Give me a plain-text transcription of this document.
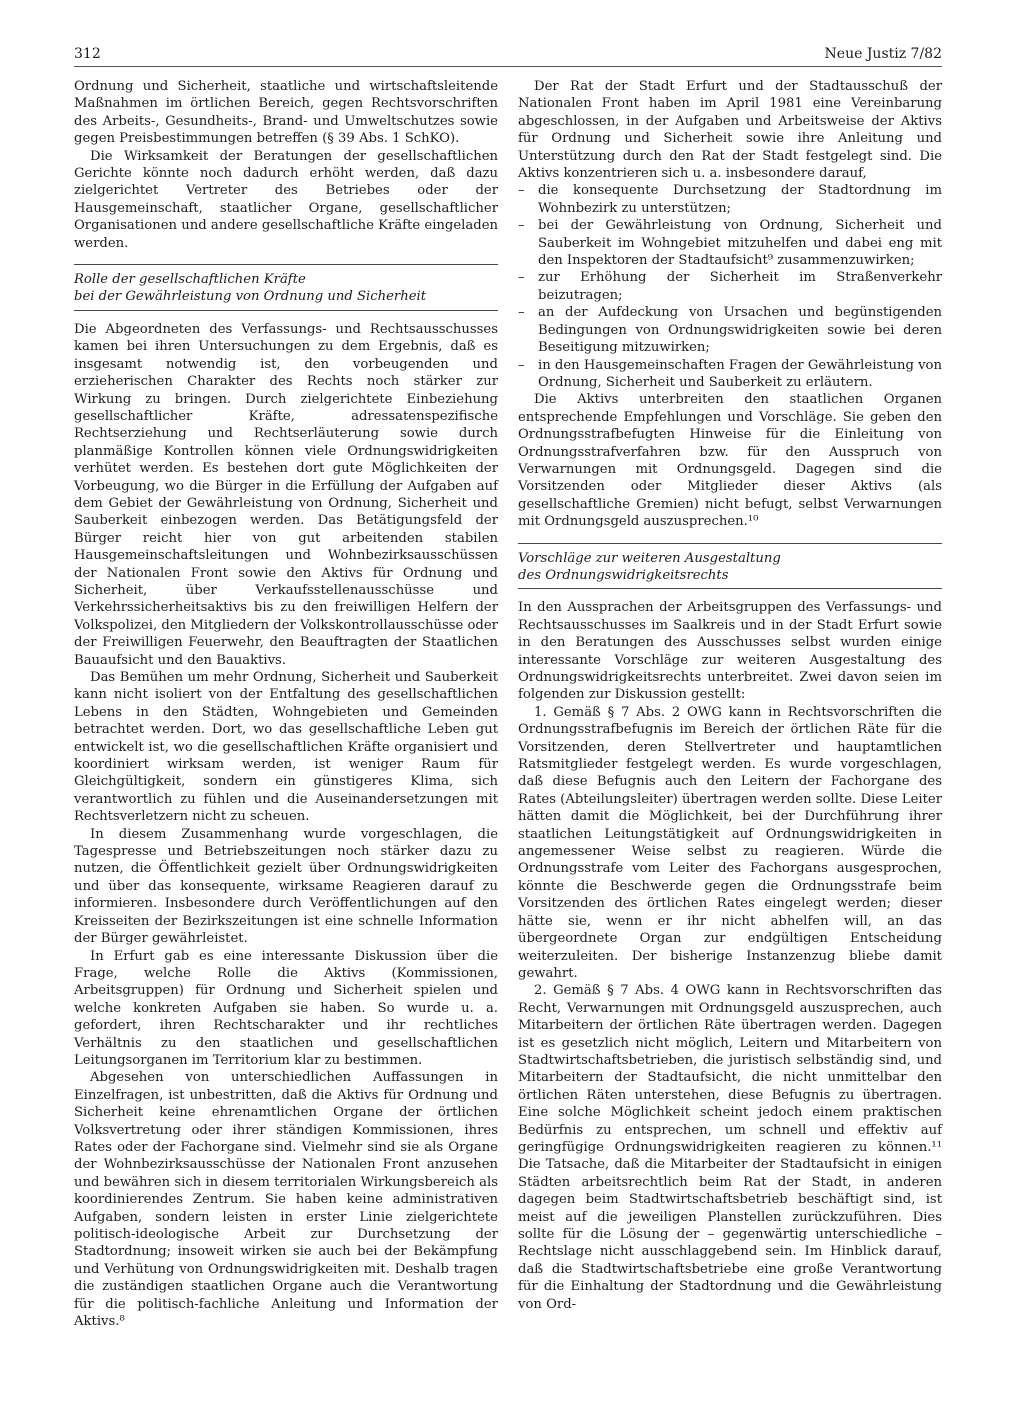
312	Neue Justiz 7/82

Ordnung und Sicherheit, staatliche und wirtschaftsleitende Maßnahmen im örtlichen Bereich, gegen Rechtsvorschriften des Arbeits-, Gesundheits-, Brand- und Umweltschutzes sowie gegen Preisbestimmungen betreffen (§ 39 Abs. 1 SchKO).

Die Wirksamkeit der Beratungen der gesellschaftlichen Gerichte könnte noch dadurch erhöht werden, daß dazu zielgerichtet Vertreter des Betriebes oder der Hausgemeinschaft, staatlicher Organe, gesellschaftlicher Organisationen und andere gesellschaftliche Kräfte eingeladen werden.

Rolle der gesellschaftlichen Kräfte
bei der Gewährleistung von Ordnung und Sicherheit

Die Abgeordneten des Verfassungs- und Rechtsausschusses kamen bei ihren Untersuchungen zu dem Ergebnis, daß es insgesamt notwendig ist, den vorbeugenden und erzieherischen Charakter des Rechts noch stärker zur Wirkung zu bringen. Durch zielgerichtete Einbeziehung gesellschaftlicher Kräfte, adressatenspezifische Rechtserziehung und Rechtserläuterung sowie durch planmäßige Kontrollen können viele Ordnungswidrigkeiten verhütet werden. Es bestehen dort gute Möglichkeiten der Vorbeugung, wo die Bürger in die Erfüllung der Aufgaben auf dem Gebiet der Gewährleistung von Ordnung, Sicherheit und Sauberkeit einbezogen werden. Das Betätigungsfeld der Bürger reicht hier von gut arbeitenden stabilen Hausgemeinschaftsleitungen und Wohnbezirksausschüssen der Nationalen Front sowie den Aktivs für Ordnung und Sicherheit, über Verkaufsstellenausschüsse und Verkehrssicherheitsaktivs bis zu den freiwilligen Helfern der Volkspolizei, den Mitgliedern der Volkskontrollausschüsse oder der Freiwilligen Feuerwehr, den Beauftragten der Staatlichen Bauaufsicht und den Bauaktivs.

Das Bemühen um mehr Ordnung, Sicherheit und Sauberkeit kann nicht isoliert von der Entfaltung des gesellschaftlichen Lebens in den Städten, Wohngebieten und Gemeinden betrachtet werden. Dort, wo das gesellschaftliche Leben gut entwickelt ist, wo die gesellschaftlichen Kräfte organisiert und koordiniert wirksam werden, ist weniger Raum für Gleichgültigkeit, sondern ein günstigeres Klima, sich verantwortlich zu fühlen und die Auseinandersetzungen mit Rechtsverletzern nicht zu scheuen.

In diesem Zusammenhang wurde vorgeschlagen, die Tagespresse und Betriebszeitungen noch stärker dazu zu nutzen, die Öffentlichkeit gezielt über Ordnungswidrigkeiten und über das konsequente, wirksame Reagieren darauf zu informieren. Insbesondere durch Veröffentlichungen auf den Kreisseiten der Bezirkszeitungen ist eine schnelle Information der Bürger gewährleistet.

In Erfurt gab es eine interessante Diskussion über die Frage, welche Rolle die Aktivs (Kommissionen, Arbeitsgruppen) für Ordnung und Sicherheit spielen und welche konkreten Aufgaben sie haben. So wurde u. a. gefordert, ihren Rechtscharakter und ihr rechtliches Verhältnis zu den staatlichen und gesellschaftlichen Leitungsorganen im Territorium klar zu bestimmen.

Abgesehen von unterschiedlichen Auffassungen in Einzelfragen, ist unbestritten, daß die Aktivs für Ordnung und Sicherheit keine ehrenamtlichen Organe der örtlichen Volksvertretung oder ihrer ständigen Kommissionen, ihres Rates oder der Fachorgane sind. Vielmehr sind sie als Organe der Wohnbezirksausschüsse der Nationalen Front anzusehen und bewähren sich in diesem territorialen Wirkungsbereich als koordinierendes Zentrum. Sie haben keine administrativen Aufgaben, sondern leisten in erster Linie zielgerichtete politisch-ideologische Arbeit zur Durchsetzung der Stadtordnung; insoweit wirken sie auch bei der Bekämpfung und Verhütung von Ordnungswidrigkeiten mit. Deshalb tragen die zuständigen staatlichen Organe auch die Verantwortung für die politisch-fachliche Anleitung und Information der Aktivs.⁸

Der Rat der Stadt Erfurt und der Stadtausschuß der Nationalen Front haben im April 1981 eine Vereinbarung abgeschlossen, in der Aufgaben und Arbeitsweise der Aktivs für Ordnung und Sicherheit sowie ihre Anleitung und Unterstützung durch den Rat der Stadt festgelegt sind. Die Aktivs konzentrieren sich u. a. insbesondere darauf,

– die konsequente Durchsetzung der Stadtordnung im Wohnbezirk zu unterstützen;
– bei der Gewährleistung von Ordnung, Sicherheit und Sauberkeit im Wohngebiet mitzuhelfen und dabei eng mit den Inspektoren der Stadtaufsicht⁹ zusammenzuwirken;
– zur Erhöhung der Sicherheit im Straßenverkehr beizutragen;
– an der Aufdeckung von Ursachen und begünstigenden Bedingungen von Ordnungswidrigkeiten sowie bei deren Beseitigung mitzuwirken;
– in den Hausgemeinschaften Fragen der Gewährleistung von Ordnung, Sicherheit und Sauberkeit zu erläutern.

Die Aktivs unterbreiten den staatlichen Organen entsprechende Empfehlungen und Vorschläge. Sie geben den Ordnungsstrafbefugten Hinweise für die Einleitung von Ordnungsstrafverfahren bzw. für den Ausspruch von Verwarnungen mit Ordnungsgeld. Dagegen sind die Vorsitzenden oder Mitglieder dieser Aktivs (als gesellschaftliche Gremien) nicht befugt, selbst Verwarnungen mit Ordnungsgeld auszusprechen.¹⁰

Vorschläge zur weiteren Ausgestaltung
des Ordnungswidrigkeitsrechts

In den Aussprachen der Arbeitsgruppen des Verfassungs- und Rechtsausschusses im Saalkreis und in der Stadt Erfurt sowie in den Beratungen des Ausschusses selbst wurden einige interessante Vorschläge zur weiteren Ausgestaltung des Ordnungswidrigkeitsrechts unterbreitet. Zwei davon seien im folgenden zur Diskussion gestellt:

1. Gemäß § 7 Abs. 2 OWG kann in Rechtsvorschriften die Ordnungsstrafbefugnis im Bereich der örtlichen Räte für die Vorsitzenden, deren Stellvertreter und hauptamtlichen Ratsmitglieder festgelegt werden. Es wurde vorgeschlagen, daß diese Befugnis auch den Leitern der Fachorgane des Rates (Abteilungsleiter) übertragen werden sollte. Diese Leiter hätten damit die Möglichkeit, bei der Durchführung ihrer staatlichen Leitungstätigkeit auf Ordnungswidrigkeiten in angemessener Weise selbst zu reagieren. Würde die Ordnungsstrafe vom Leiter des Fachorgans ausgesprochen, könnte die Beschwerde gegen die Ordnungsstrafe beim Vorsitzenden des örtlichen Rates eingelegt werden; dieser hätte sie, wenn er ihr nicht abhelfen will, an das übergeordnete Organ zur endgültigen Entscheidung weiterzuleiten. Der bisherige Instanzenzug bliebe damit gewahrt.

2. Gemäß § 7 Abs. 4 OWG kann in Rechtsvorschriften das Recht, Verwarnungen mit Ordnungsgeld auszusprechen, auch Mitarbeitern der örtlichen Räte übertragen werden. Dagegen ist es gesetzlich nicht möglich, Leitern und Mitarbeitern von Stadtwirtschaftsbetrieben, die juristisch selbständig sind, und Mitarbeitern der Stadtaufsicht, die nicht unmittelbar den örtlichen Räten unterstehen, diese Befugnis zu übertragen. Eine solche Möglichkeit scheint jedoch einem praktischen Bedürfnis zu entsprechen, um schnell und effektiv auf geringfügige Ordnungswidrigkeiten reagieren zu können.¹¹ Die Tatsache, daß die Mitarbeiter der Stadtaufsicht in einigen Städten arbeitsrechtlich beim Rat der Stadt, in anderen dagegen beim Stadtwirtschaftsbetrieb beschäftigt sind, ist meist auf die jeweiligen Planstellen zurückzuführen. Dies sollte für die Lösung der – gegenwärtig unterschiedliche – Rechtslage nicht ausschlaggebend sein. Im Hinblick darauf, daß die Stadtwirtschaftsbetriebe eine große Verantwortung für die Einhaltung der Stadtordnung und die Gewährleistung von Ord-
